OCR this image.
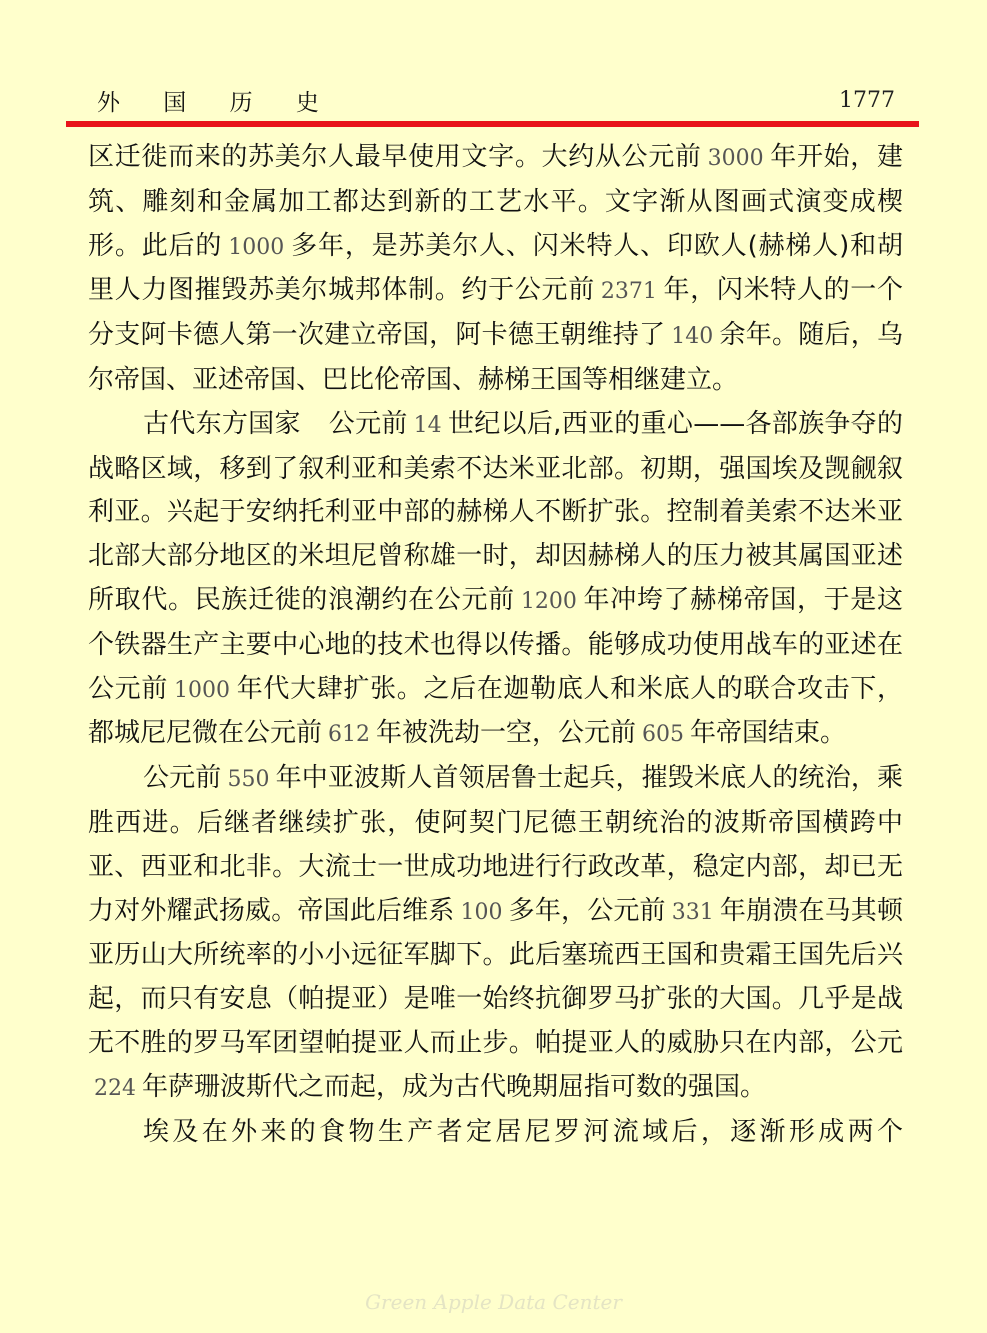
外 国 历 史	1777

区迁徙而来的苏美尔人最早使用文字。大约从公元前 3000 年开始，建筑、雕刻和金属加工都达到新的工艺水平。文字渐从图画式演变成楔形。此后的 1000 多年，是苏美尔人、闪米特人、印欧人(赫梯人)和胡里人力图摧毁苏美尔城邦体制。约于公元前 2371 年，闪米特人的一个分支阿卡德人第一次建立帝国，阿卡德王朝维持了 140 余年。随后，乌尔帝国、亚述帝国、巴比伦帝国、赫梯王国等相继建立。

古代东方国家 公元前 14 世纪以后,西亚的重心——各部族争夺的战略区域，移到了叙利亚和美索不达米亚北部。初期，强国埃及觊觎叙利亚。兴起于安纳托利亚中部的赫梯人不断扩张。控制着美索不达米亚北部大部分地区的米坦尼曾称雄一时，却因赫梯人的压力被其属国亚述所取代。民族迁徙的浪潮约在公元前 1200 年冲垮了赫梯帝国，于是这个铁器生产主要中心地的技术也得以传播。能够成功使用战车的亚述在公元前 1000 年代大肆扩张。之后在迦勒底人和米底人的联合攻击下，都城尼尼微在公元前 612 年被洗劫一空，公元前 605 年帝国结束。

公元前 550 年中亚波斯人首领居鲁士起兵，摧毁米底人的统治，乘胜西进。后继者继续扩张，使阿契门尼德王朝统治的波斯帝国横跨中亚、西亚和北非。大流士一世成功地进行行政改革，稳定内部，却已无力对外耀武扬威。帝国此后维系 100 多年，公元前 331 年崩溃在马其顿亚历山大所统率的小小远征军脚下。此后塞琉西王国和贵霜王国先后兴起，而只有安息（帕提亚）是唯一始终抗御罗马扩张的大国。几乎是战无不胜的罗马军团望帕提亚人而止步。帕提亚人的威胁只在内部，公元224 年萨珊波斯代之而起，成为古代晚期屈指可数的强国。

埃及在外来的食物生产者定居尼罗河流域后，逐渐形成两个

Green Apple Data Center
